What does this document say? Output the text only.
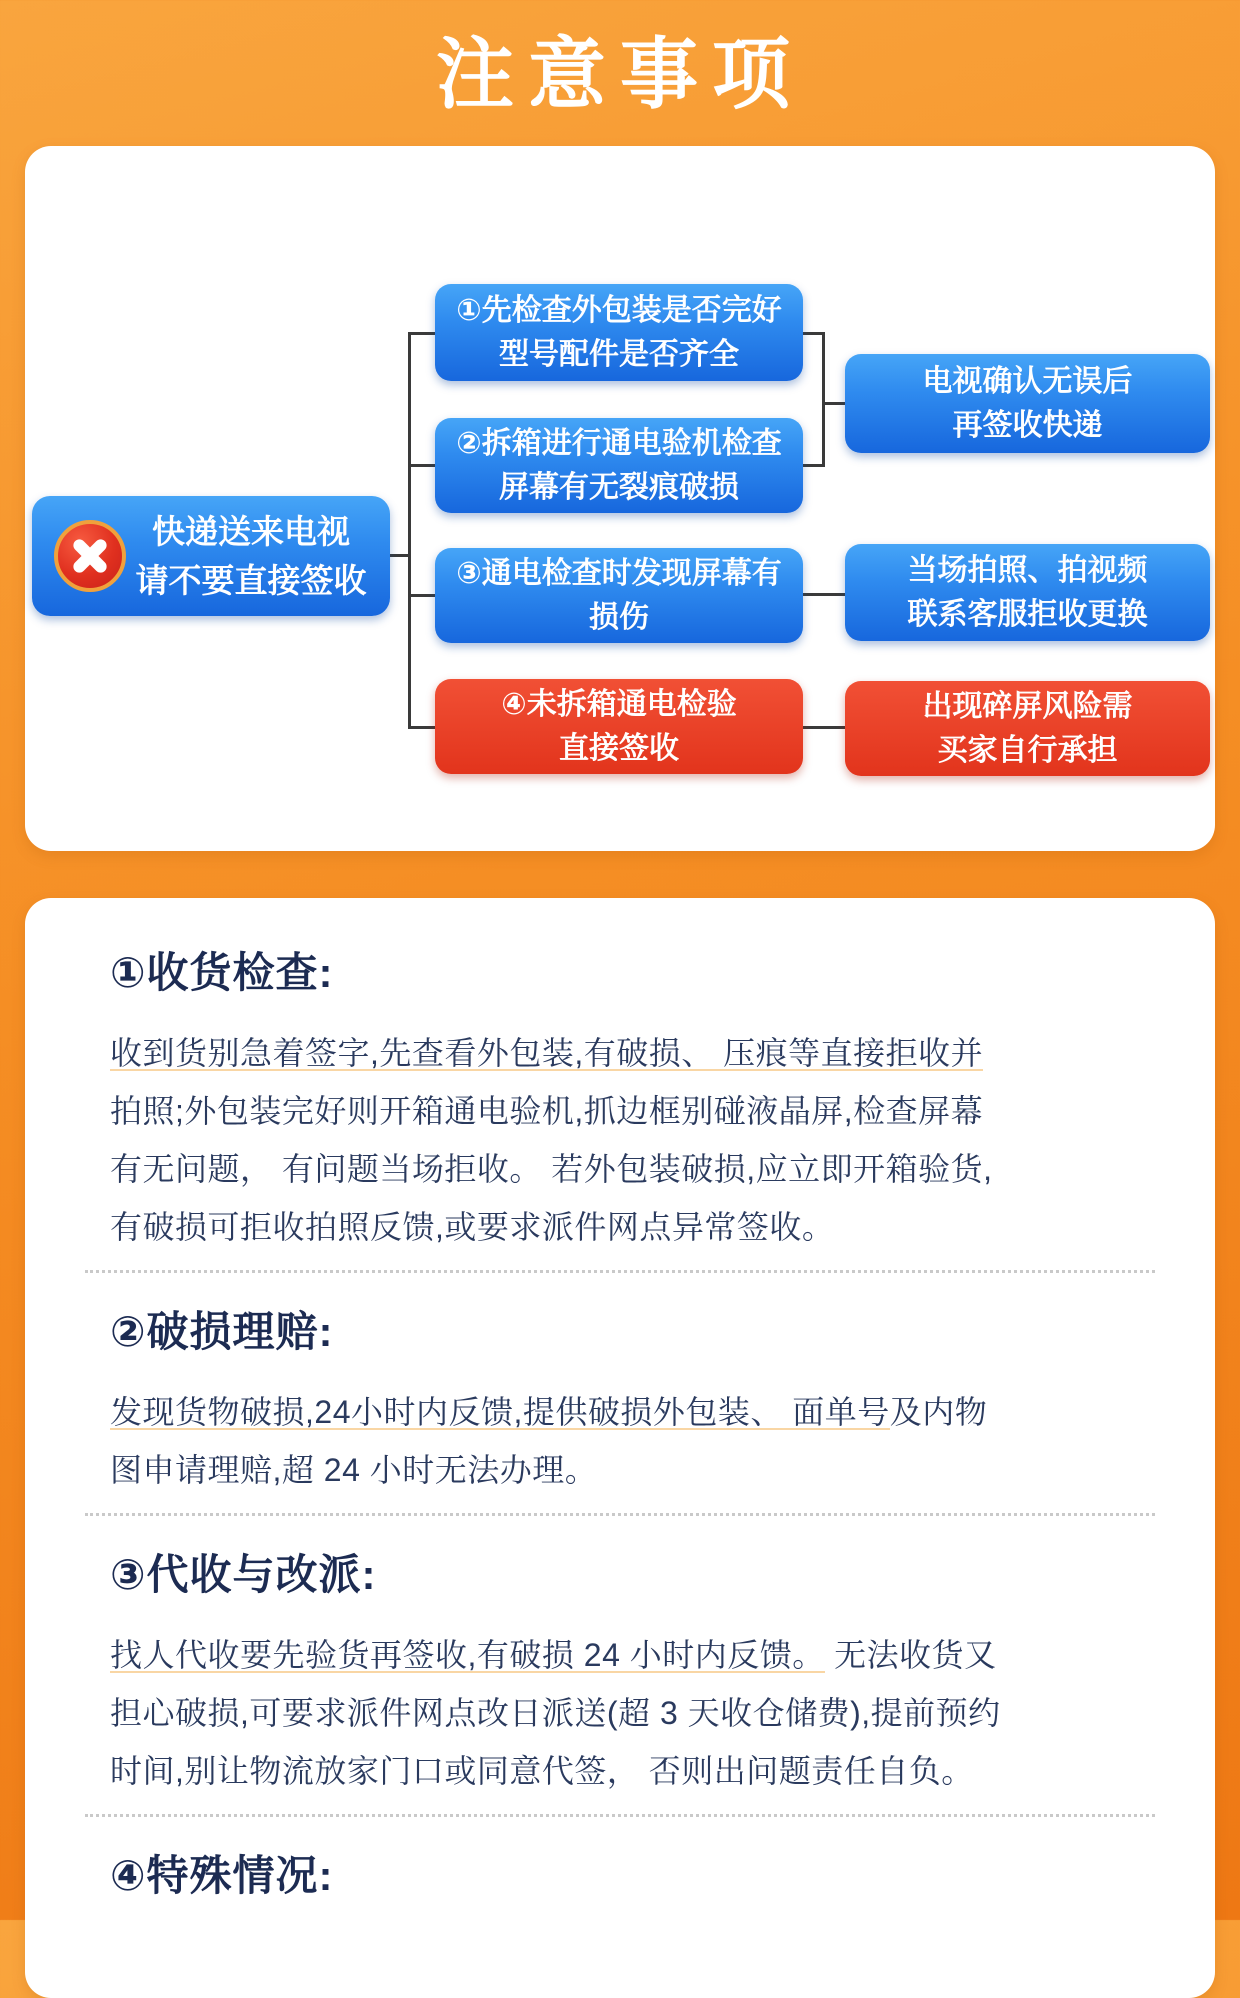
注意事项
快递送来电视
请不要直接签收
①先检查外包装是否完好
型号配件是否齐全
②拆箱进行通电验机检查
屏幕有无裂痕破损
③通电检查时发现屏幕有
损伤
④未拆箱通电检验
直接签收
电视确认无误后
再签收快递
当场拍照、拍视频
联系客服拒收更换
出现碎屏风险需
买家自行承担
①收货检查:
收到货别急着签字,先查看外包装,有破损、 压痕等直接拒收并
拍照;外包装完好则开箱通电验机,抓边框别碰液晶屏,检查屏幕
有无问题， 有问题当场拒收。 若外包装破损,应立即开箱验货,
有破损可拒收拍照反馈,或要求派件网点异常签收。
②破损理赔:
发现货物破损,24小时内反馈,提供破损外包装、 面单号及内物
图申请理赔,超 24 小时无法办理。
③代收与改派:
找人代收要先验货再签收,有破损 24 小时内反馈。 无法收货又
担心破损,可要求派件网点改日派送(超 3 天收仓储费),提前预约
时间,别让物流放家门口或同意代签， 否则出问题责任自负。
④特殊情况:
